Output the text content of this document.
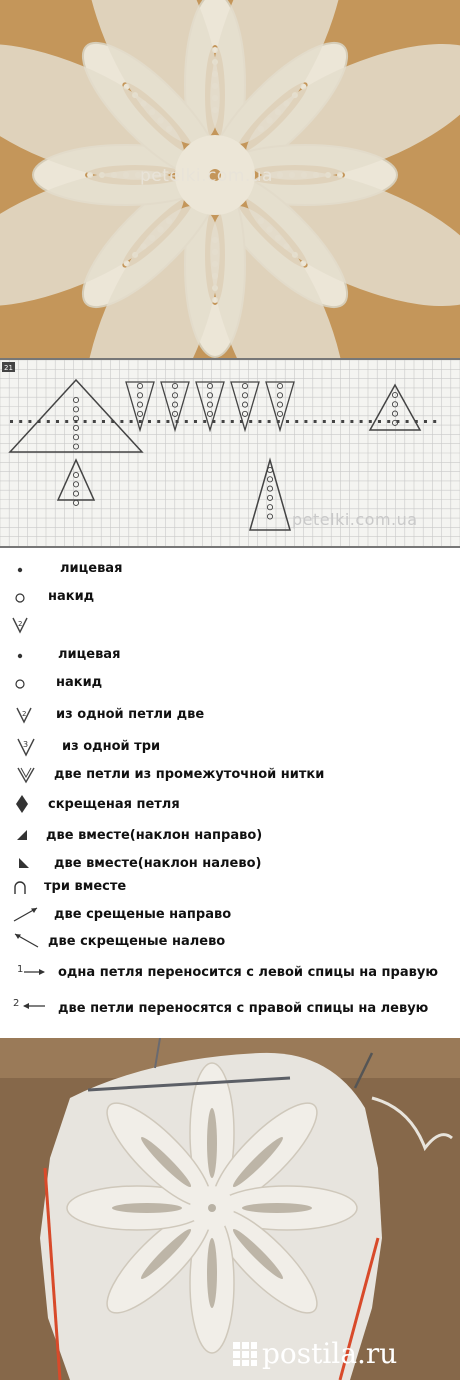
petelki.com.ua
21
petelki.com.ua
лицевая
накид
2
лицевая
накид
2 из одной петли две
3	из одной три
две петли из промежуточной нитки
скрещеная петля
две вместе(наклон направо)
две вместе(наклон налево)
три вместе
две срещеные направо
две скрещеные налево
1	одна петля переносится с левой спицы на правую
2	две петли переносятся с правой спицы на левую
postila.ru
